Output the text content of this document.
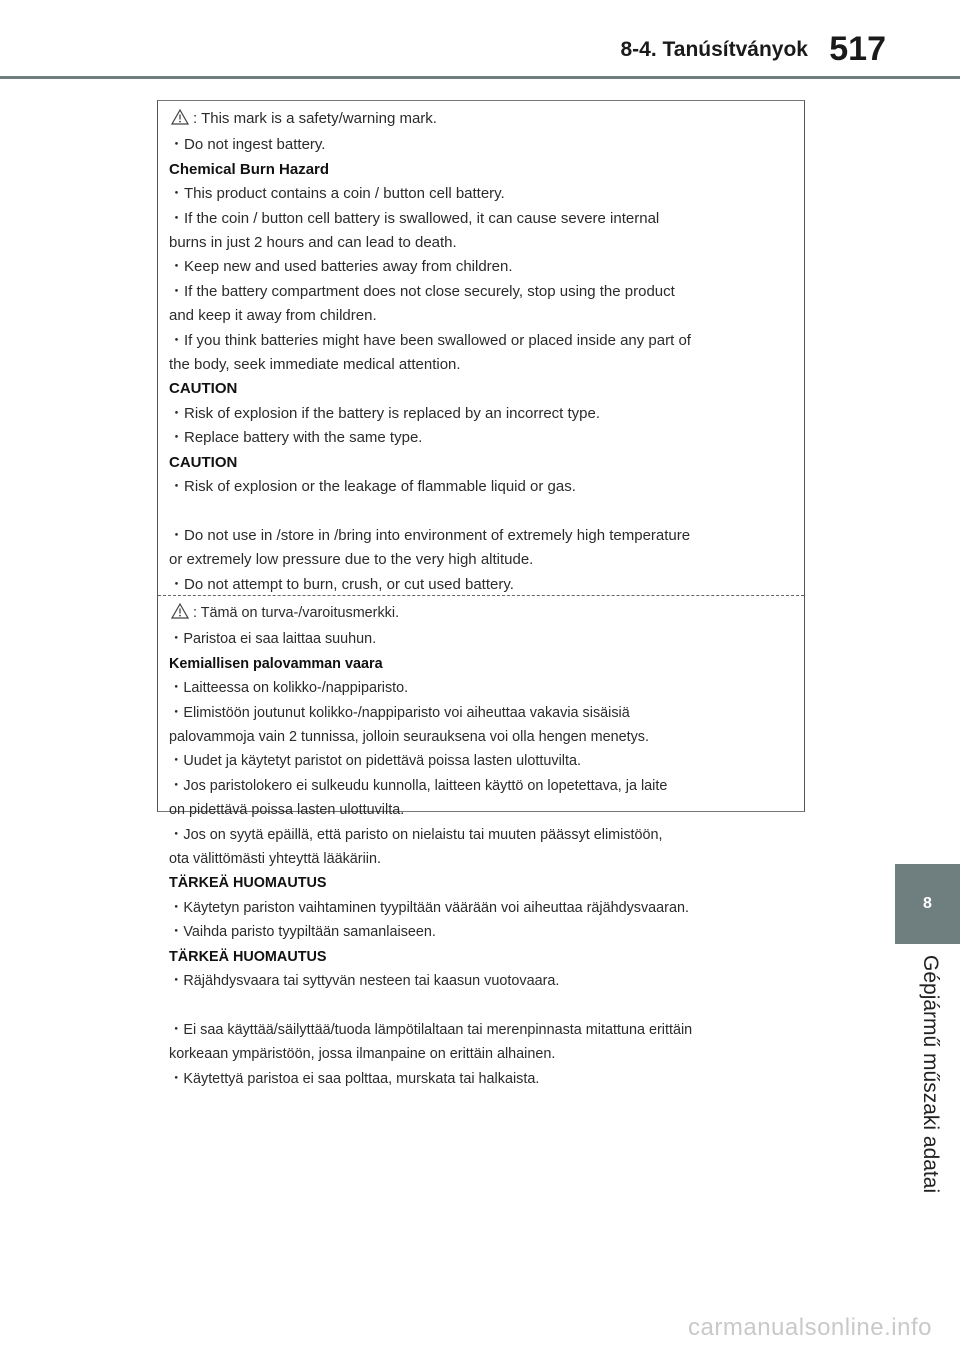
8-4. Tanúsítványok 517
8
Gépjármű műszaki adatai
: This mark is a safety/warning mark.
・Do not ingest battery.
Chemical Burn Hazard
・This product contains a coin / button cell battery.
・If the coin / button cell battery is swallowed, it can cause severe internal
burns in just 2 hours and can lead to death.
・Keep new and used batteries away from children.
・If the battery compartment does not close securely, stop using the product
and keep it away from children.
・If you think batteries might have been swallowed or placed inside any part of
the body, seek immediate medical attention.
CAUTION
・Risk of explosion if the battery is replaced by an incorrect type.
・Replace battery with the same type.
CAUTION
・Risk of explosion or the leakage of flammable liquid or gas.

・Do not use in /store in /bring into environment of extremely high temperature
or extremely low pressure due to the very high altitude.
・Do not attempt to burn, crush, or cut used battery.
: Tämä on turva-/varoitusmerkki.
・Paristoa ei saa laittaa suuhun.
Kemiallisen palovamman vaara
・Laitteessa on kolikko-/nappiparisto.
・Elimistöön joutunut kolikko-/nappiparisto voi aiheuttaa vakavia sisäisiä
palovammoja vain 2 tunnissa, jolloin seurauksena voi olla hengen menetys.
・Uudet ja käytetyt paristot on pidettävä poissa lasten ulottuvilta.
・Jos paristolokero ei sulkeudu kunnolla, laitteen käyttö on lopetettava, ja laite
on pidettävä poissa lasten ulottuvilta.
・Jos on syytä epäillä, että paristo on nielaistu tai muuten päässyt elimistöön,
ota välittömästi yhteyttä lääkäriin.
TÄRKEÄ HUOMAUTUS
・Käytetyn pariston vaihtaminen tyypiltään väärään voi aiheuttaa räjähdysvaaran.
・Vaihda paristo tyypiltään samanlaiseen.
TÄRKEÄ HUOMAUTUS
・Räjähdysvaara tai syttyvän nesteen tai kaasun vuotovaara.

・Ei saa käyttää/säilyttää/tuoda lämpötilaltaan tai merenpinnasta mitattuna erittäin
korkeaan ympäristöön, jossa ilmanpaine on erittäin alhainen.
・Käytettyä paristoa ei saa polttaa, murskata tai halkaista.
carmanualsonline.info
